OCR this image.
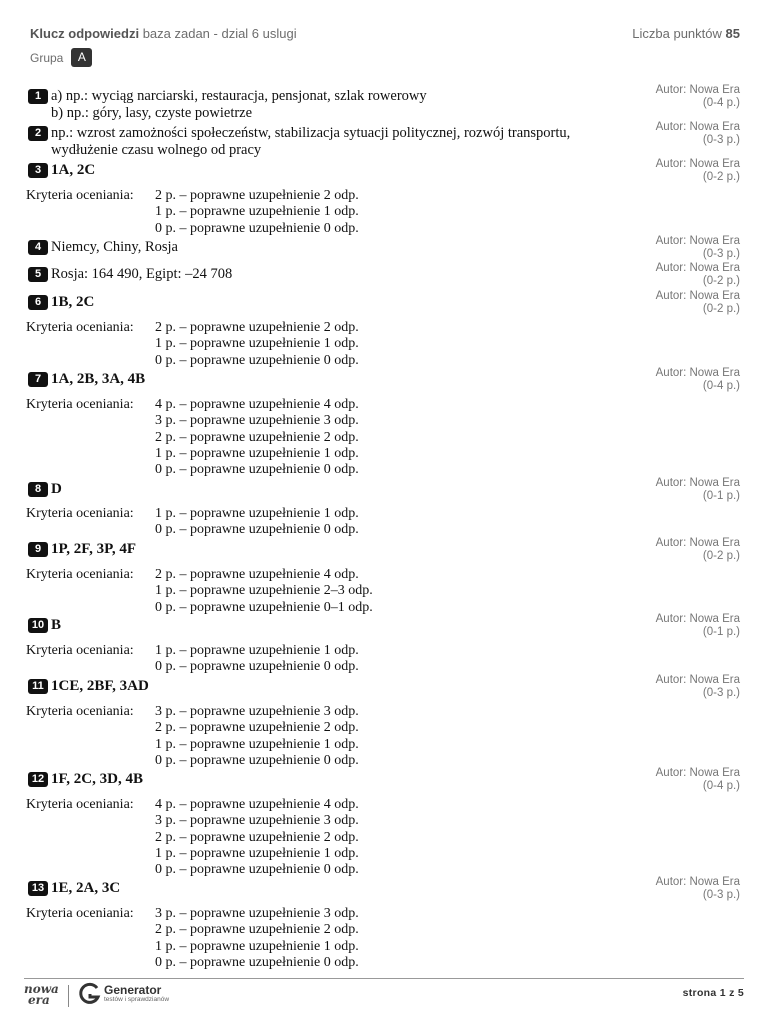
Klucz odpowiedzi baza zadan - dzial 6 uslugi	Liczba punktów 85
Grupa	A
1 a) np.: wyciąg narciarski, restauracja, pensjonat, szlak rowerowy
b) np.: góry, lasy, czyste powietrze
Autor: Nowa Era
(0-4 p.)
2 np.: wzrost zamożności społeczeństw, stabilizacja sytuacji politycznej, rozwój transportu,
wydłużenie czasu wolnego od pracy
Autor: Nowa Era
(0-3 p.)
3 1A, 2C	Autor: Nowa Era
(0-2 p.)
Kryteria oceniania: 2 p. – poprawne uzupełnienie 2 odp.
1 p. – poprawne uzupełnienie 1 odp.
0 p. – poprawne uzupełnienie 0 odp.
4 Niemcy, Chiny, Rosja	Autor: Nowa Era
(0-3 p.)
5 Rosja: 164 490, Egipt: –24 708	Autor: Nowa Era
(0-2 p.)
6 1B, 2C	Autor: Nowa Era
(0-2 p.)
Kryteria oceniania: 2 p. – poprawne uzupełnienie 2 odp.
1 p. – poprawne uzupełnienie 1 odp.
0 p. – poprawne uzupełnienie 0 odp.
7 1A, 2B, 3A, 4B	Autor: Nowa Era
(0-4 p.)
Kryteria oceniania: 4 p. – poprawne uzupełnienie 4 odp.
3 p. – poprawne uzupełnienie 3 odp.
2 p. – poprawne uzupełnienie 2 odp.
1 p. – poprawne uzupełnienie 1 odp.
0 p. – poprawne uzupełnienie 0 odp.
8 D	Autor: Nowa Era
(0-1 p.)
Kryteria oceniania: 1 p. – poprawne uzupełnienie 1 odp.
0 p. – poprawne uzupełnienie 0 odp.
9 1P, 2F, 3P, 4F	Autor: Nowa Era
(0-2 p.)
Kryteria oceniania: 2 p. – poprawne uzupełnienie 4 odp.
1 p. – poprawne uzupełnienie 2–3 odp.
0 p. – poprawne uzupełnienie 0–1 odp.
10 B	Autor: Nowa Era
(0-1 p.)
Kryteria oceniania: 1 p. – poprawne uzupełnienie 1 odp.
0 p. – poprawne uzupełnienie 0 odp.
11 1CE, 2BF, 3AD	Autor: Nowa Era
(0-3 p.)
Kryteria oceniania: 3 p. – poprawne uzupełnienie 3 odp.
2 p. – poprawne uzupełnienie 2 odp.
1 p. – poprawne uzupełnienie 1 odp.
0 p. – poprawne uzupełnienie 0 odp.
12 1F, 2C, 3D, 4B	Autor: Nowa Era
(0-4 p.)
Kryteria oceniania: 4 p. – poprawne uzupełnienie 4 odp.
3 p. – poprawne uzupełnienie 3 odp.
2 p. – poprawne uzupełnienie 2 odp.
1 p. – poprawne uzupełnienie 1 odp.
0 p. – poprawne uzupełnienie 0 odp.
13 1E, 2A, 3C	Autor: Nowa Era
(0-3 p.)
Kryteria oceniania: 3 p. – poprawne uzupełnienie 3 odp.
2 p. – poprawne uzupełnienie 2 odp.
1 p. – poprawne uzupełnienie 1 odp.
0 p. – poprawne uzupełnienie 0 odp.
nowa
era
Generator
testów i sprawdzianów
strona 1 z 5
